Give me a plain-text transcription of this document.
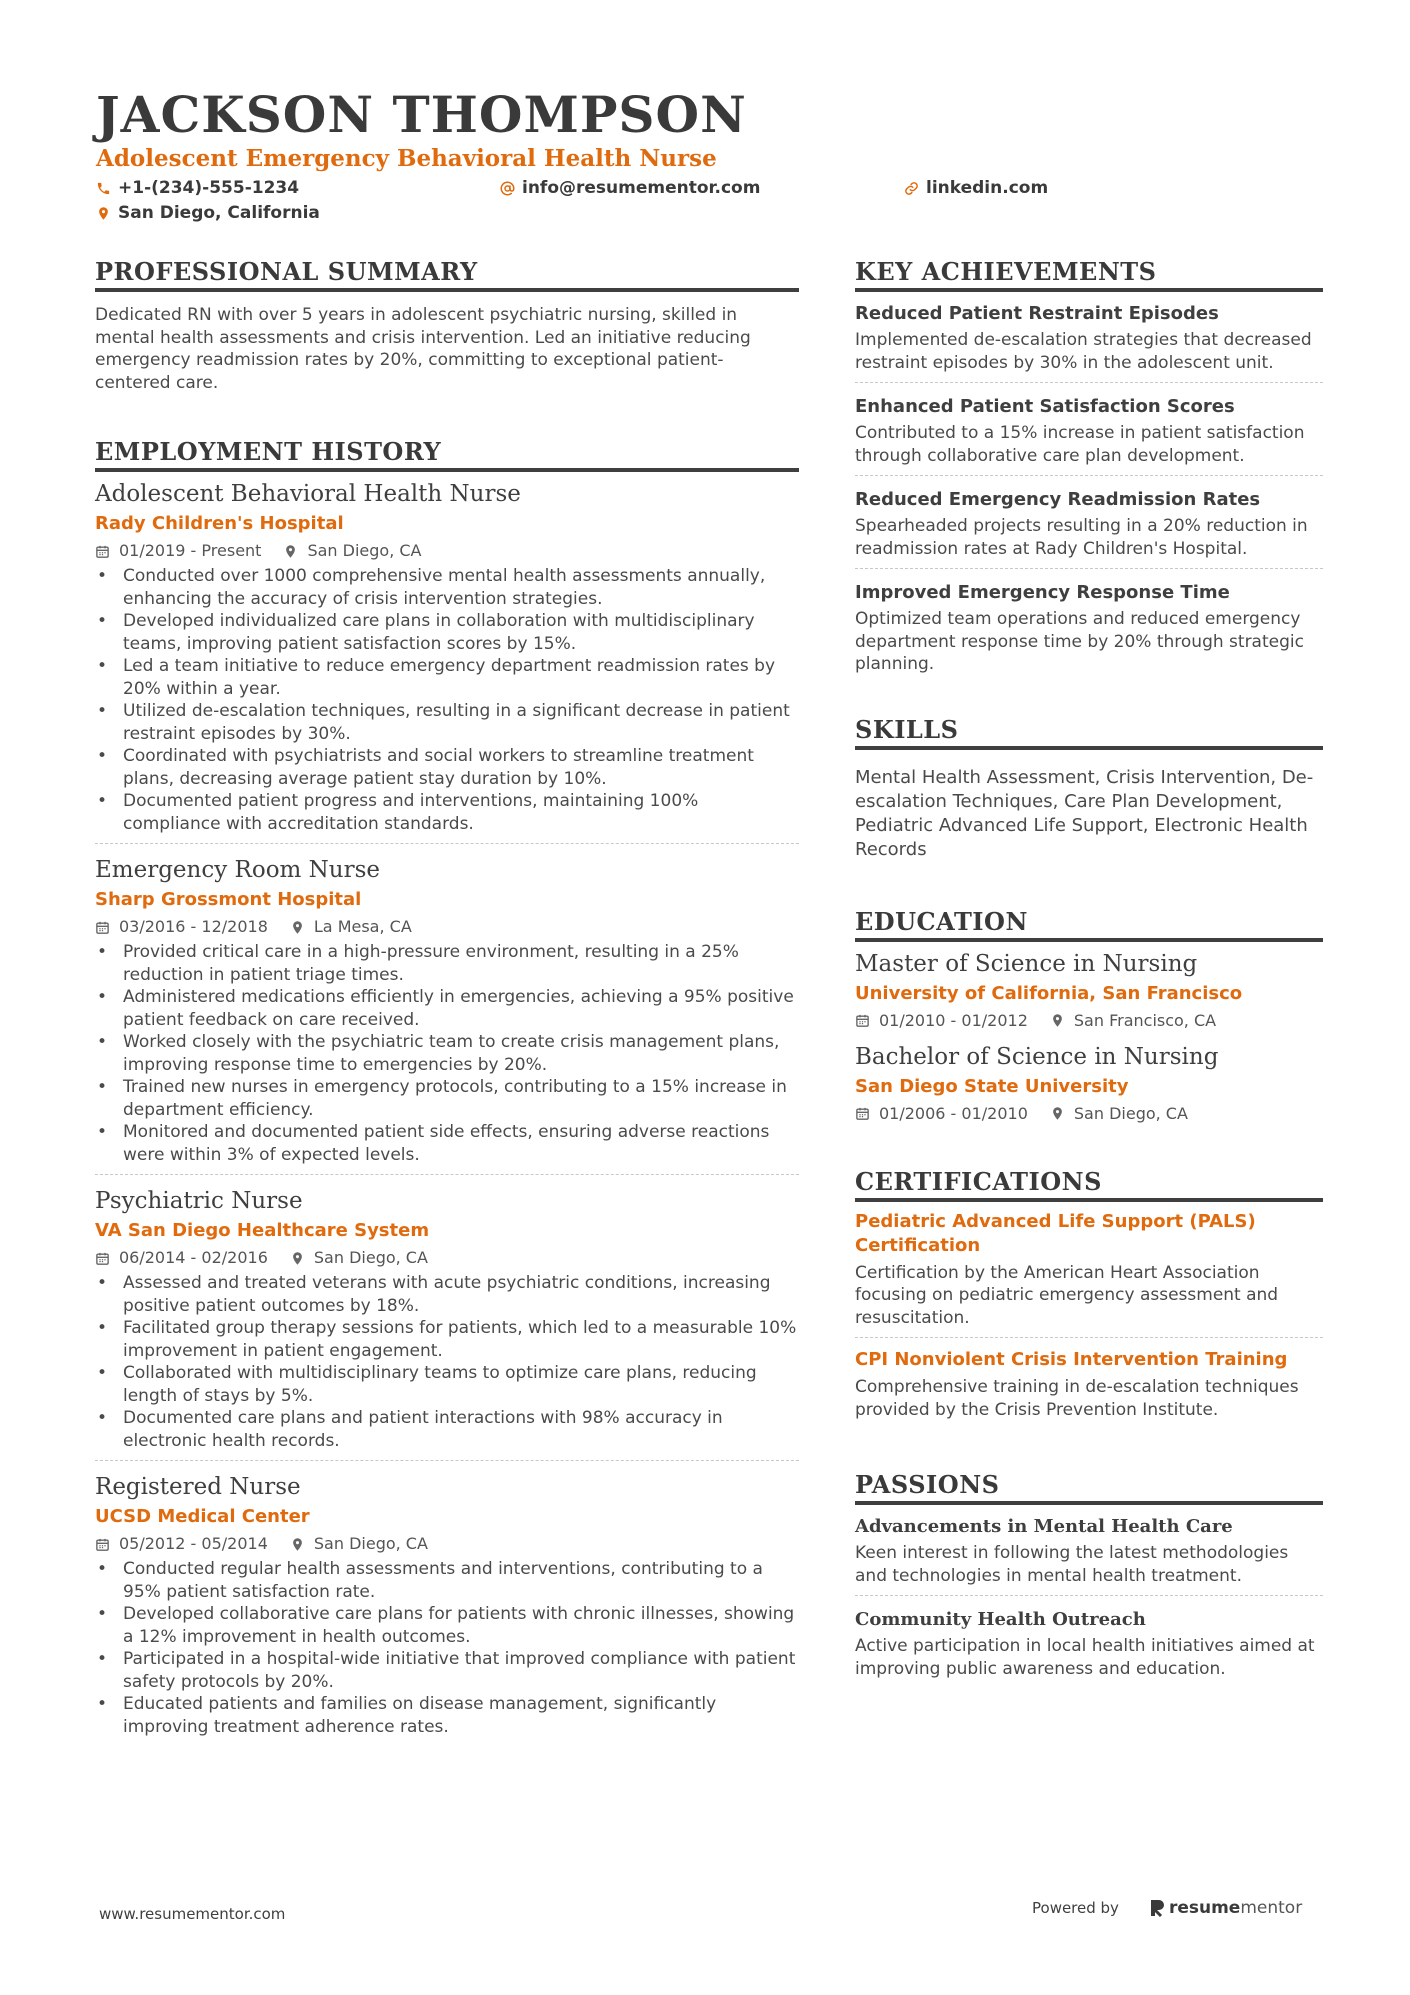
JACKSON THOMPSON
Adolescent Emergency Behavioral Health Nurse
+1-(234)-555-1234	info@resumementor.com	linkedin.com
San Diego, California
PROFESSIONAL SUMMARY
Dedicated RN with over 5 years in adolescent psychiatric nursing, skilled in mental health assessments and crisis intervention. Led an initiative reducing emergency readmission rates by 20%, committing to exceptional patient-centered care.
EMPLOYMENT HISTORY
Adolescent Behavioral Health Nurse
Rady Children's Hospital
01/2019 - Present	San Diego, CA
• Conducted over 1000 comprehensive mental health assessments annually, enhancing the accuracy of crisis intervention strategies.
• Developed individualized care plans in collaboration with multidisciplinary teams, improving patient satisfaction scores by 15%.
• Led a team initiative to reduce emergency department readmission rates by 20% within a year.
• Utilized de-escalation techniques, resulting in a significant decrease in patient restraint episodes by 30%.
• Coordinated with psychiatrists and social workers to streamline treatment plans, decreasing average patient stay duration by 10%.
• Documented patient progress and interventions, maintaining 100% compliance with accreditation standards.
Emergency Room Nurse
Sharp Grossmont Hospital
03/2016 - 12/2018	La Mesa, CA
• Provided critical care in a high-pressure environment, resulting in a 25% reduction in patient triage times.
• Administered medications efficiently in emergencies, achieving a 95% positive patient feedback on care received.
• Worked closely with the psychiatric team to create crisis management plans, improving response time to emergencies by 20%.
• Trained new nurses in emergency protocols, contributing to a 15% increase in department efficiency.
• Monitored and documented patient side effects, ensuring adverse reactions were within 3% of expected levels.
Psychiatric Nurse
VA San Diego Healthcare System
06/2014 - 02/2016	San Diego, CA
• Assessed and treated veterans with acute psychiatric conditions, increasing positive patient outcomes by 18%.
• Facilitated group therapy sessions for patients, which led to a measurable 10% improvement in patient engagement.
• Collaborated with multidisciplinary teams to optimize care plans, reducing length of stays by 5%.
• Documented care plans and patient interactions with 98% accuracy in electronic health records.
Registered Nurse
UCSD Medical Center
05/2012 - 05/2014	San Diego, CA
• Conducted regular health assessments and interventions, contributing to a 95% patient satisfaction rate.
• Developed collaborative care plans for patients with chronic illnesses, showing a 12% improvement in health outcomes.
• Participated in a hospital-wide initiative that improved compliance with patient safety protocols by 20%.
• Educated patients and families on disease management, significantly improving treatment adherence rates.
KEY ACHIEVEMENTS
Reduced Patient Restraint Episodes
Implemented de-escalation strategies that decreased restraint episodes by 30% in the adolescent unit.
Enhanced Patient Satisfaction Scores
Contributed to a 15% increase in patient satisfaction through collaborative care plan development.
Reduced Emergency Readmission Rates
Spearheaded projects resulting in a 20% reduction in readmission rates at Rady Children's Hospital.
Improved Emergency Response Time
Optimized team operations and reduced emergency department response time by 20% through strategic planning.
SKILLS
Mental Health Assessment, Crisis Intervention, De-escalation Techniques, Care Plan Development, Pediatric Advanced Life Support, Electronic Health Records
EDUCATION
Master of Science in Nursing
University of California, San Francisco
01/2010 - 01/2012	San Francisco, CA
Bachelor of Science in Nursing
San Diego State University
01/2006 - 01/2010	San Diego, CA
CERTIFICATIONS
Pediatric Advanced Life Support (PALS) Certification
Certification by the American Heart Association focusing on pediatric emergency assessment and resuscitation.
CPI Nonviolent Crisis Intervention Training
Comprehensive training in de-escalation techniques provided by the Crisis Prevention Institute.
PASSIONS
Advancements in Mental Health Care
Keen interest in following the latest methodologies and technologies in mental health treatment.
Community Health Outreach
Active participation in local health initiatives aimed at improving public awareness and education.
www.resumementor.com	Powered by	resume mentor
